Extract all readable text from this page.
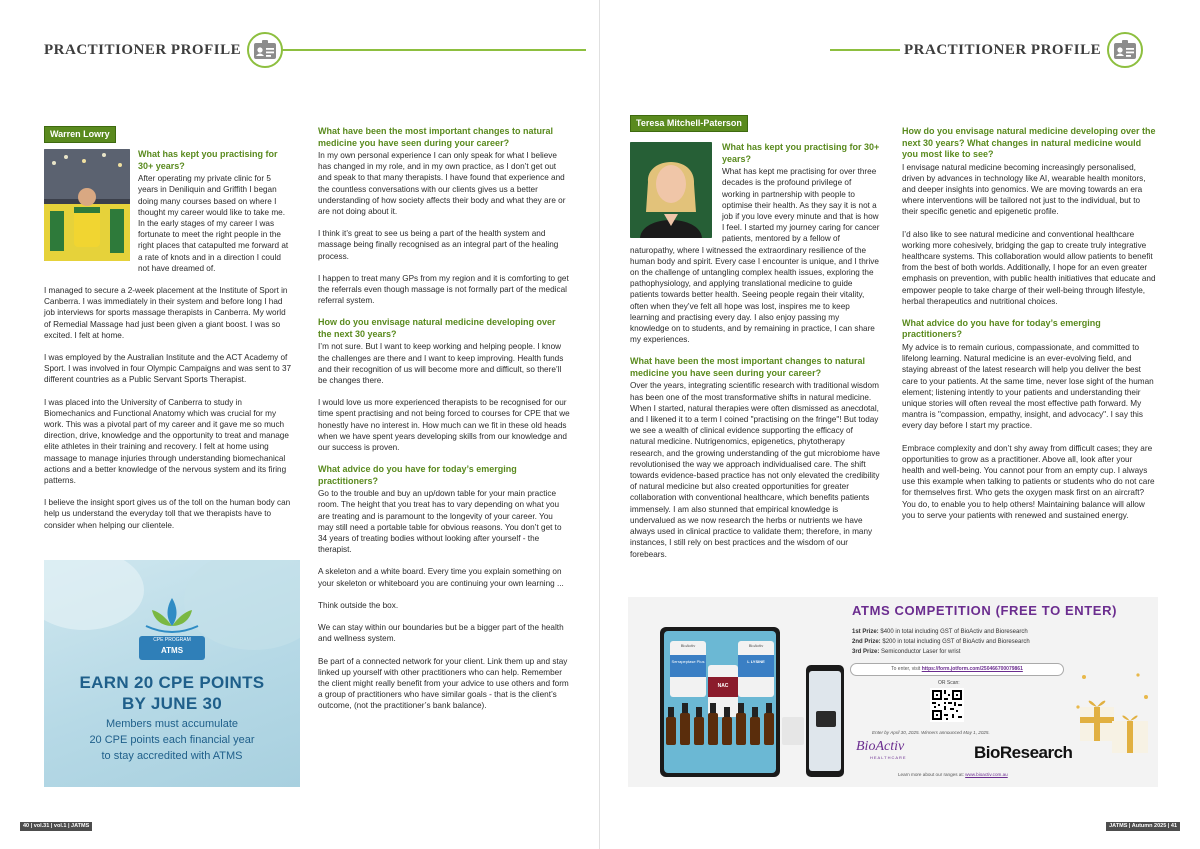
PRACTITIONER PROFILE
Warren Lowry
What has kept you practising for 30+ years?

After operating my private clinic for 5 years in Deniliquin and Griffith I began doing many courses based on where I thought my career would like to take me. In the early stages of my career I was fortunate to meet the right people in the right places that catapulted me forward at a rate of knots and in a direction I could not have dreamed of.

I managed to secure a 2-week placement at the Institute of Sport in Canberra. I was immediately in their system and before long I had job interviews for sports massage therapists in Canberra. My world of Remedial Massage had just been given a giant boost. I was so excited. I felt at home.

I was employed by the Australian Institute and the ACT Academy of Sport. I was involved in four Olympic Campaigns and was sent to 37 different countries as a Public Servant Sports Therapist.

I was placed into the University of Canberra to study in Biomechanics and Functional Anatomy which was crucial for my work. This was a pivotal part of my career and it gave me so much direction, drive, knowledge and the opportunity to treat and manage elite athletes in their training and recovery. I felt at home using massage to manage injuries through understanding biomechanical actions and a better knowledge of the nervous system and its firing patterns.

I believe the insight sport gives us of the toll on the human body can help us understand the everyday toll that we therapists have to consider when helping our clientele.

CPE PROGRAM
ATMS
EARN 20 CPE POINTS
BY JUNE 30
Members must accumulate
20 CPE points each financial year
to stay accredited with ATMS
What have been the most important changes to natural medicine you have seen during your career?

In my own personal experience I can only speak for what I believe has changed in my role, and in my own practice, as I don’t get out and speak to that many therapists. I have found that experience and the countless conversations with our clients gives us a better understanding of how society affects their body and what they are or are not doing about it.

I think it’s great to see us being a part of the health system and massage being finally recognised as an integral part of the healing process.

I happen to treat many GPs from my region and it is comforting to get the referrals even though massage is not formally part of the medical referral system.

How do you envisage natural medicine developing over the next 30 years?

I’m not sure. But I want to keep working and helping people. I know the challenges are there and I want to keep improving. Health funds and their recognition of us will become more and difficult, so there’ll be changes there.

I would love us more experienced therapists to be recognised for our time spent practising and not being forced to courses for CPE that we honestly have no interest in. How much can we fit in these old heads when we have spent years developing skills from our knowledge and our success is proven.

What advice do you have for today’s emerging practitioners?

Go to the trouble and buy an up/down table for your main practice room. The height that you treat has to vary depending on what you are treating and is paramount to the longevity of your career. You may still need a portable table for obvious reasons. You don’t get to 34 years of treating bodies without looking after yourself - the therapist.

A skeleton and a white board. Every time you explain something on your skeleton or whiteboard you are continuing your own learning ...

Think outside the box.

We can stay within our boundaries but be a bigger part of the health and wellness system.

Be part of a connected network for your client. Link them up and stay linked up yourself with other practitioners who can help. Remember the client might really benefit from your advice to use others and form a group of practitioners who have similar goals - that is the client’s outcome, (not the practitioner’s bank balance).

40 | vol.31 | vol.1 | JATMS
PRACTITIONER PROFILE
Teresa Mitchell-Paterson
What has kept you practising for 30+ years?

What has kept me practising for over three decades is the profound privilege of working in partnership with people to optimise their health. As they say it is not a job if you love every minute and that is how I feel. I started my journey caring for cancer patients, mentored by a fellow of naturopathy, where I witnessed the extraordinary resilience of the human body and spirit. Every case I encounter is unique, and I thrive on the challenge of untangling complex health issues, exploring the pathophysiology, and applying translational medicine to guide patients towards better health. Seeing people regain their vitality, often when they’ve felt all hope was lost, inspires me to keep learning and practising every day. I also enjoy passing my knowledge on to students, and by remaining in practice, I can share my experiences.

What have been the most important changes to natural medicine you have seen during your career?

Over the years, integrating scientific research with traditional wisdom has been one of the most transformative shifts in natural medicine. When I started, natural therapies were often dismissed as anecdotal, and I likened it to a term I coined "practising on the fringe"! But today we see a wealth of clinical evidence supporting the efficacy of natural medicine. Nutrigenomics, epigenetics, phytotherapy research, and the growing understanding of the gut microbiome have revolutionised the way we approach individualised care. The shift towards evidence-based practice has not only elevated the credibility of natural medicine but also created opportunities for greater collaboration with conventional healthcare, which benefits patients immensely. I am also stunned that empirical knowledge is undervalued as we now research the herbs or nutrients we have always used in clinical practice to validate them; therefore, in many instances, I still rely on best practices and the wisdom of our forebears.

How do you envisage natural medicine developing over the next 30 years? What changes in natural medicine would you most like to see?

I envisage natural medicine becoming increasingly personalised, driven by advances in technology like AI, wearable health monitors, and deeper insights into genomics. We are moving towards an era where interventions will be tailored not just to the individual, but to their specific genetic and epigenetic profile.

I’d also like to see natural medicine and conventional healthcare working more cohesively, bridging the gap to create truly integrative healthcare systems. This collaboration would allow patients to benefit from the best of both worlds. Additionally, I hope for an even greater emphasis on prevention, with public health initiatives that educate and empower people to take charge of their well-being through lifestyle, herbal therapeutics and nutritional choices.

What advice do you have for today’s emerging practitioners?

My advice is to remain curious, compassionate, and committed to lifelong learning. Natural medicine is an ever-evolving field, and staying abreast of the latest research will help you deliver the best care to your patients. At the same time, never lose sight of the human element; listening intently to your patients and understanding their unique stories will often reveal the most effective path forward. My mantra is "compassion, empathy, insight, and advocacy". I say this every day before I start my practice.

Embrace complexity and don’t shy away from difficult cases; they are opportunities to grow as a practitioner. Above all, look after your health and well-being. You cannot pour from an empty cup. I always use this example when talking to patients or students who do not care for themselves first. Who gets the oxygen mask first on an aircraft? You do, to enable you to help others! Maintaining balance will allow you to serve your patients with renewed and sustained energy.

Serrapeptase Plus
NAC
L LYSINE
BioActiv	BioActiv
ATMS COMPETITION (FREE TO ENTER)
1st Prize: $400 in total including GST of BioActiv and Bioresearch
2nd Prize: $200 in total including GST of BioActiv and Bioresearch
3rd Prize: Semiconductor Laser for wrist
To enter, visit https://form.jotform.com/250466700079861
OR Scan:
Enter by April 30, 2025. Winners announced May 1, 2025.
BioActiv
HEALTHCARE	BioResearch
Learn more about our ranges at: www.bioactiv.com.au
JATMS | Autumn 2025 | 41
